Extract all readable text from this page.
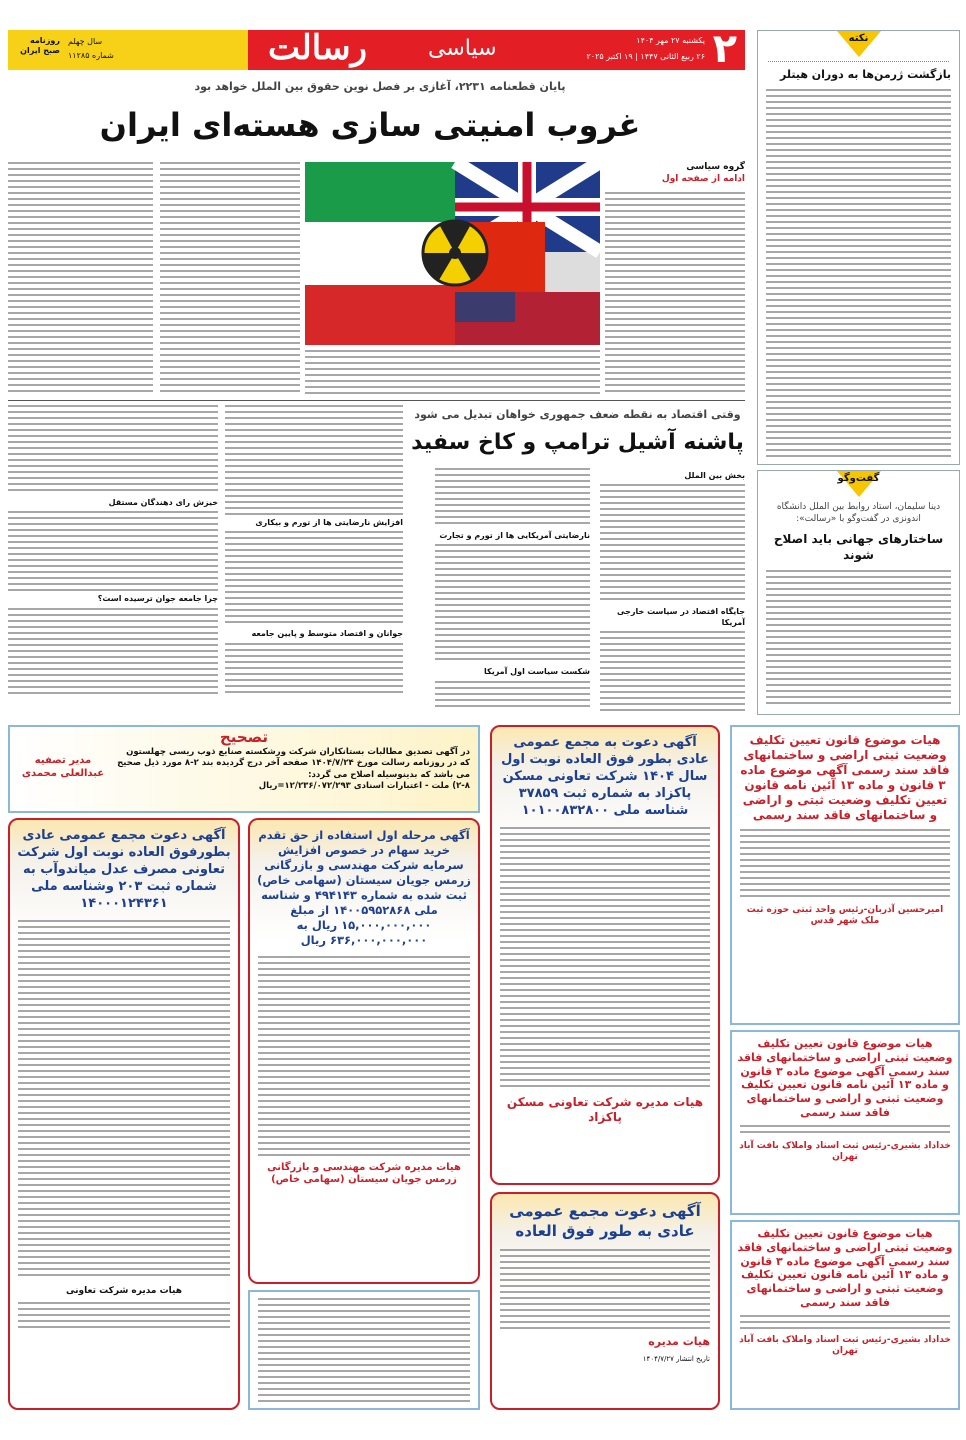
روزنامه صبح ایران
سال چهلم
شماره ۱۱۲۸۵	رسالت	سیاسی	یکشنبه ۲۷ مهر ۱۴۰۴
۲۶ ربیع الثانی ۱۴۴۷ | ۱۹ اکتبر ۲۰۲۵ ۲
پایان قطعنامه ۲۲۳۱، آغازی بر فصل نوین حقوق بین الملل خواهد بود
غروب امنیتی سازی هسته‌ای ایران
گروه سیاسی
ادامه از صفحه اول
وقتی اقتصاد به نقطه ضعف جمهوری خواهان تبدیل می شود
پاشنه آشیل ترامپ و کاخ سفید
بخش بین الملل
جایگاه اقتصاد در سیاست خارجی آمریکا
نارضایتی آمریکایی ها از تورم و تجارت
شکست سیاست اول آمریکا
افزایش نارضایتی ها از تورم و بیکاری
جوانان و اقتصاد متوسط و پایین جامعه
خیزش رای دهندگان مستقل
چرا جامعه جوان ترسیده است؟
نکته
بازگشت ژرمن‌ها به دوران هیتلر
گفت‌وگو
دینا سلیمان، استاد روابط بین الملل دانشگاه اندونزی در گفت‌وگو با «رسالت»:
ساختارهای جهانی باید اصلاح شوند
تصحیح
در آگهی تصدیق مطالبات بستانکاران شرکت ورشکسته صنایع ذوب ریسی چهلستون که در روزنامه رسالت مورخ ۱۴۰۴/۷/۲۴ صفحه آخر درج گردیده بند ۲-۸ مورد ذیل صحیح می باشد که بدینوسیله اصلاح می گردد:
۲-۸) ملت - اعتبارات اسنادی ۱۲/۲۳۶/۰۷۲/۲۹۳=ریال
مدیر تصفیه
عبدالعلی محمدی
آگهی دعوت به مجمع عمومی عادی بطور فوق العاده نوبت اول سال ۱۴۰۴ شرکت تعاونی مسکن پاکزاد به شماره ثبت ۳۷۸۵۹ شناسه ملی ۱۰۱۰۰۸۳۲۸۰۰
هیات مدیره شرکت تعاونی مسکن پاکزاد
آگهی دعوت مجمع عمومی عادی به طور فوق العاده
هیات مدیره
تاریخ انتشار ۱۴۰۴/۷/۲۷
آگهی دعوت مجمع عمومی عادی بطورفوق العاده نوبت اول شرکت تعاونی مصرف عدل میاندوآب به شماره ثبت ۲۰۳ وشناسه ملی ۱۴۰۰۰۱۲۴۳۶۱
هیات مدیره شرکت تعاونی
آگهی مرحله اول استفاده از حق تقدم خرید سهام در خصوص افزایش سرمایه شرکت مهندسی و بازرگانی زرمس جویان سیستان (سهامی خاص) ثبت شده به شماره ۴۹۴۱۴۳ و شناسه ملی ۱۴۰۰۵۹۵۲۸۶۸ از مبلغ ۱۵,۰۰۰,۰۰۰,۰۰۰ ریال به ۶۳۶,۰۰۰,۰۰۰,۰۰۰ ریال
هیات مدیره شرکت مهندسی و بازرگانی زرمس جویان سیستان (سهامی خاص)
هیات موضوع قانون تعیین تکلیف وضعیت ثبتی اراضی و ساختمانهای فاقد سند رسمی آگهی موضوع ماده ۳ قانون و ماده ۱۳ آئین نامه قانون تعیین تکلیف وضعیت ثبتی و اراضی و ساختمانهای فاقد سند رسمی
امیرحسین آذربان-رئیس واحد ثبتی حوزه ثبت ملک شهر قدس
هیات موضوع قانون تعیین تکلیف وضعیت ثبتی اراضی و ساختمانهای فاقد سند رسمی آگهی موضوع ماده ۳ قانون و ماده ۱۳ آئین نامه قانون تعیین تکلیف وضعیت ثبتی و اراضی و ساختمانهای فاقد سند رسمی
خداداد بشیری-رئیس ثبت اسناد واملاک بافت آباد تهران
هیات موضوع قانون تعیین تکلیف وضعیت ثبتی اراضی و ساختمانهای فاقد سند رسمی آگهی موضوع ماده ۳ قانون و ماده ۱۳ آئین نامه قانون تعیین تکلیف وضعیت ثبتی و اراضی و ساختمانهای فاقد سند رسمی
خداداد بشیری-رئیس ثبت اسناد واملاک بافت آباد تهران
